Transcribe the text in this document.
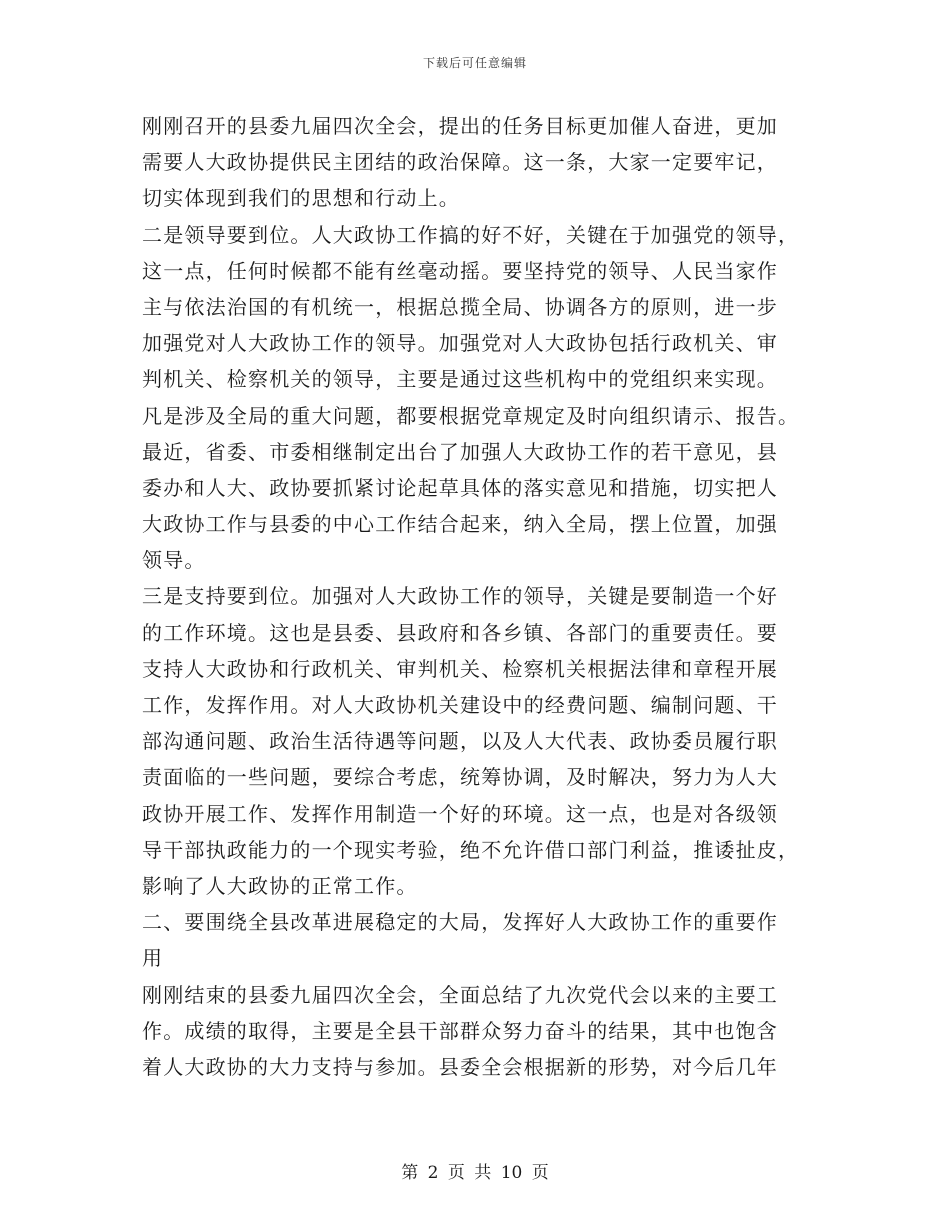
下载后可任意编辑
刚刚召开的县委九届四次全会，提出的任务目标更加催人奋进，更加
需要人大政协提供民主团结的政治保障。这一条，大家一定要牢记，
切实体现到我们的思想和行动上。
二是领导要到位。人大政协工作搞的好不好，关键在于加强党的领导，
这一点，任何时候都不能有丝毫动摇。要坚持党的领导、人民当家作
主与依法治国的有机统一，根据总揽全局、协调各方的原则，进一步
加强党对人大政协工作的领导。加强党对人大政协包括行政机关、审
判机关、检察机关的领导，主要是通过这些机构中的党组织来实现。
凡是涉及全局的重大问题，都要根据党章规定及时向组织请示、报告。
最近，省委、市委相继制定出台了加强人大政协工作的若干意见，县
委办和人大、政协要抓紧讨论起草具体的落实意见和措施，切实把人
大政协工作与县委的中心工作结合起来，纳入全局，摆上位置，加强
领导。
三是支持要到位。加强对人大政协工作的领导，关键是要制造一个好
的工作环境。这也是县委、县政府和各乡镇、各部门的重要责任。要
支持人大政协和行政机关、审判机关、检察机关根据法律和章程开展
工作，发挥作用。对人大政协机关建设中的经费问题、编制问题、干
部沟通问题、政治生活待遇等问题，以及人大代表、政协委员履行职
责面临的一些问题，要综合考虑，统筹协调，及时解决，努力为人大
政协开展工作、发挥作用制造一个好的环境。这一点，也是对各级领
导干部执政能力的一个现实考验，绝不允许借口部门利益，推诿扯皮，
影响了人大政协的正常工作。
二、要围绕全县改革进展稳定的大局，发挥好人大政协工作的重要作
用
刚刚结束的县委九届四次全会，全面总结了九次党代会以来的主要工
作。成绩的取得，主要是全县干部群众努力奋斗的结果，其中也饱含
着人大政协的大力支持与参加。县委全会根据新的形势，对今后几年
第 2 页 共 10 页
